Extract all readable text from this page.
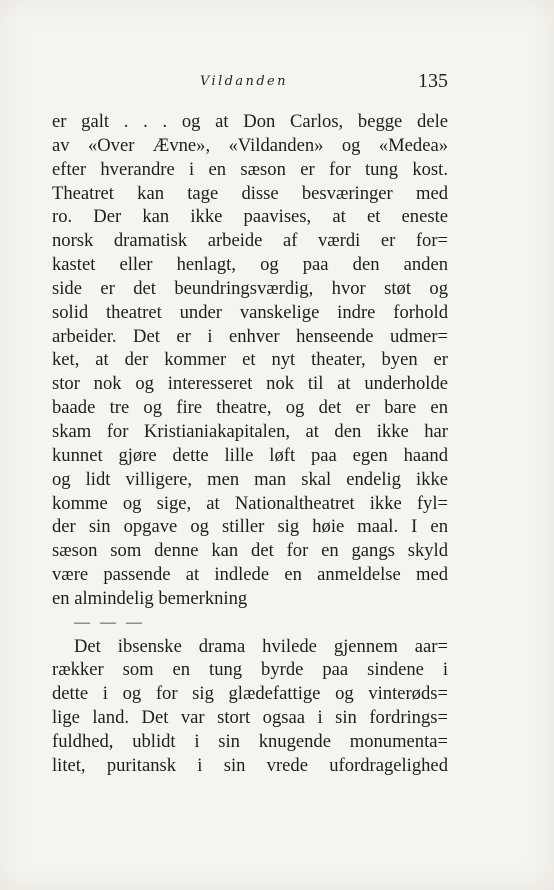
Vildanden	135
er galt . . . og at Don Carlos, begge dele
av «Over Ævne», «Vildanden» og «Medea»
efter hverandre i en sæson er for tung kost.
Theatret kan tage disse besværinger med
ro. Der kan ikke paavises, at et eneste
norsk dramatisk arbeide af værdi er for=
kastet eller henlagt, og paa den anden
side er det beundringsværdig, hvor støt og
solid theatret under vanskelige indre forhold
arbeider. Det er i enhver henseende udmer=
ket, at der kommer et nyt theater, byen er
stor nok og interesseret nok til at underholde
baade tre og fire theatre, og det er bare en
skam for Kristianiakapitalen, at den ikke har
kunnet gjøre dette lille løft paa egen haand
og lidt villigere, men man skal endelig ikke
komme og sige, at Nationaltheatret ikke fyl=
der sin opgave og stiller sig høie maal. I en
sæson som denne kan det for en gangs skyld
være passende at indlede en anmeldelse med
en almindelig bemerkning
— — —
Det ibsenske drama hvilede gjennem aar=
rækker som en tung byrde paa sindene i
dette i og for sig glædefattige og vinterøds=
lige land. Det var stort ogsaa i sin fordrings=
fuldhed, ublidt i sin knugende monumenta=
litet, puritansk i sin vrede ufordragelighed
